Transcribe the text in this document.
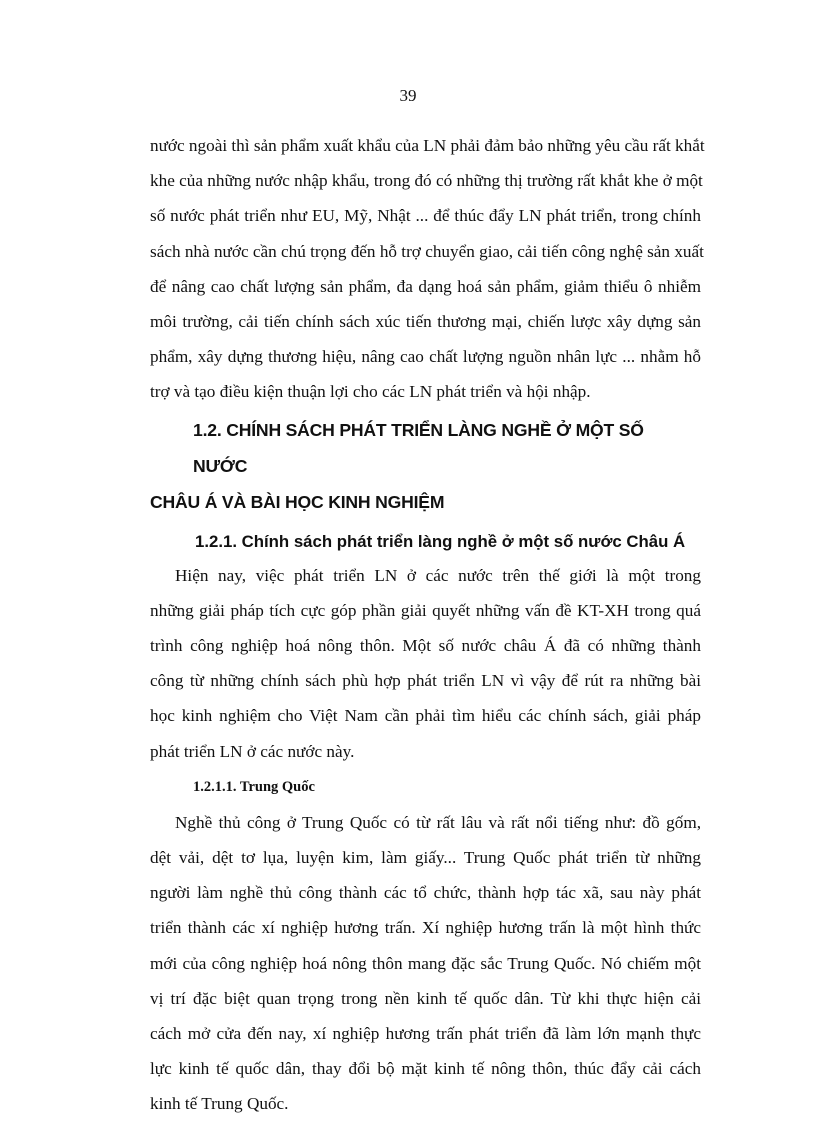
39

nước ngoài thì sản phẩm xuất khẩu của LN phải đảm bảo những yêu cầu rất khắt
khe của những nước nhập khẩu, trong đó có những thị trường rất khắt khe ở một
số nước phát triển như EU, Mỹ, Nhật ... để thúc đẩy LN phát triển, trong chính
sách nhà nước cần chú trọng đến hỗ trợ chuyển giao, cải tiến công nghệ sản xuất
để nâng cao chất lượng sản phẩm, đa dạng hoá sản phẩm, giảm thiểu ô nhiễm
môi trường, cải tiến chính sách xúc tiến thương mại, chiến lược xây dựng sản
phẩm, xây dựng thương hiệu, nâng cao chất lượng nguồn nhân lực ... nhằm hỗ
trợ và tạo điều kiện thuận lợi cho các LN phát triển và hội nhập.

1.2. CHÍNH SÁCH PHÁT TRIỂN LÀNG NGHỀ Ở MỘT SỐ NƯỚC
CHÂU Á VÀ BÀI HỌC KINH NGHIỆM
1.2.1. Chính sách phát triển làng nghề ở một số nước Châu Á

Hiện nay, việc phát triển LN ở các nước trên thế giới là một trong
những giải pháp tích cực góp phần giải quyết những vấn đề KT-XH trong quá
trình công nghiệp hoá nông thôn. Một số nước châu Á đã có những thành
công từ những chính sách phù hợp phát triển LN vì vậy để rút ra những bài
học kinh nghiệm cho Việt Nam cần phải tìm hiểu các chính sách, giải pháp
phát triển LN ở các nước này.

1.2.1.1. Trung Quốc

Nghề thủ công ở Trung Quốc có từ rất lâu và rất nổi tiếng như: đồ gốm,
dệt vải, dệt tơ lụa, luyện kim, làm giấy... Trung Quốc phát triển từ những
người làm nghề thủ công thành các tổ chức, thành hợp tác xã, sau này phát
triển thành các xí nghiệp hương trấn. Xí nghiệp hương trấn là một hình thức
mới của công nghiệp hoá nông thôn mang đặc sắc Trung Quốc. Nó chiếm một
vị trí đặc biệt quan trọng trong nền kinh tế quốc dân. Từ khi thực hiện cải
cách mở cửa đến nay, xí nghiệp hương trấn phát triển đã làm lớn mạnh thực
lực kinh tế quốc dân, thay đổi bộ mặt kinh tế nông thôn, thúc đẩy cải cách
kinh tế Trung Quốc.
